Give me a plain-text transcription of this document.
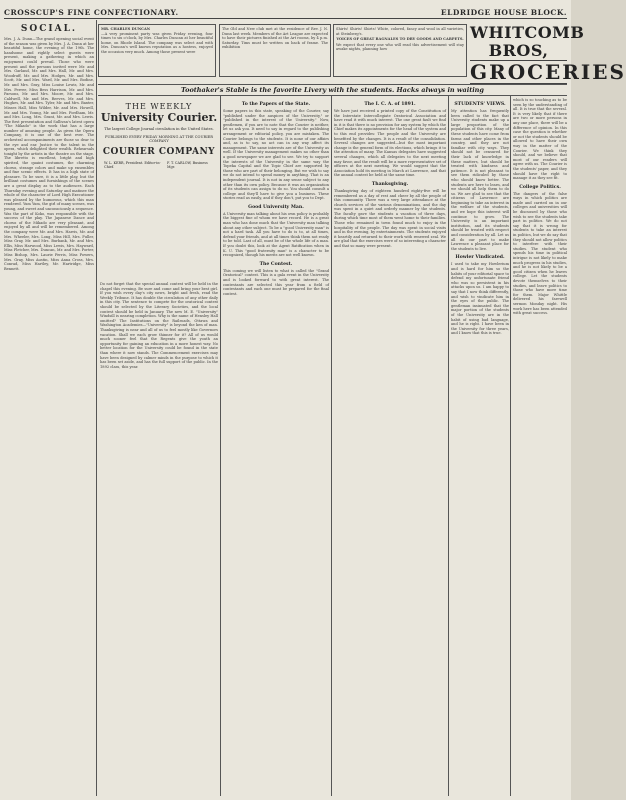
CROSSCUP'S FINE CONFECTIONARY.	ELDRIDGE HOUSE BLOCK.
SOCIAL.
Mrs. J. A. Dunn—The grand opening social event of the season was given by Mrs. J. A. Dunn at her beautiful home, the evening of the 19th. The handsome and rightly select guests were present, making a gathering in which an enjoyment could prevail. Those who were present and the persons invited were Mr. and Mrs. Garland, Mr. and Mrs. Hall, Mr. and Mrs. Woodruff, Mr. and Mrs. Hodges, Mr. and Mrs. Scott, Mr. and Mrs. Ward, Mr. and Mrs. Bodine, Mr. and Mrs. Gray, Miss Louise Lewis, Mr. and Mrs. Ferree, Miss Bess Harrison, Mr. and Mrs. Parsons, Mr. and Mrs. Moore, Mr. and Mrs. Caldwell, Mr. and Mrs. Reeves, Mr. and Mrs. Hughes, Mr. and Mrs. Tyler, Mr. and Mrs. Baxter, Misses Hall, Miss Wilder, Mr. and Mrs. Howell, Mr. and Mrs. Young, Mr. and Mrs. Fordham, Mr. and Mrs. Long, Mrs. Grant, Mr. and Mrs. Lewis. The first presentation and Sullivan's latest opera "The Mikado" is the work that has a large number of amusing people. As given the Opera Company, it is one of the best ever. The orchestral accompaniments are those so dear to the eye and ear. Justice to the talent in the opera, which delighted their wealth. Rehearsals tonight by the artists in the theatre on the stage. The libretto is excellent, bright and high spirited, the quaint costumes, the charming chorus, strange colors and make up ensembles and fine scenic effects. It has in a high state of pleasure. To be sure, it is a little play, but the brilliant costumes and furnishings of the scenes are a great display as to the audiences. Each Thursday evening and Saturday and matinee the whole of the character of Lord High Executioner was pleased by the humorous, which this man rendered. Yum Yum, the girl of many scenes, was young, and sweet and unconsciously a sequence. Was the part of Koko, was responsible with the success of the play. The Japanese Dance and chorus of the Mikado are very pleasant, and enjoyed by all and will be remembered. Among the company were Mr. and Mrs. Harris, Mr. and Mrs. Wheeler, Mrs. Long, Miss Hill, Mrs. Fuller, Miss Gray, Mr. and Mrs. Burbank, Mr. and Mrs. Ellis, Miss Harwood, Miss Lewis, Mrs. Hayward, Miss Fletcher, Mrs. Duncan, Mr. and Mrs. Porter, Miss Bishop, Mrs. Laurie Ferris, Miss Powers, Mrs. Gray, Miss Austin, Miss Anna Cross, Mrs. Conrad, Miss Hartley, Mr. Hartridge, Miss Bennett.
MR. CHARLES DUNCAN
—A very prominent party was given Friday evening, four times to six o'clock, by Mrs. Charles Duncan at her beautiful home, on Rhode Island. The company was select and with Mrs. Duncan's well known reputation as a hostess, enjoyed the occasion very much. Among those present were
The Old and New club met at the residence of Rev. J. N. Dunn last week. Members of the Art League are expected to have their pictures finished at the Art rooms, by 4 p.m. Saturday. Tims must be written on back of frame. The exhibition
Shirts! Shirts! Shirts! White, colored, fancy and wool in all varieties, at Steinberg's.
VOICES OF GREAT RAGNALES TO DRY GOODS AND CARPETS.
We expect that every one who will read this advertisement will stay awake nights, planning how
WHITCOMB BROS,
GROCERIES
Toothaker's Stable is the favorite Livery with the students. Hacks always in waiting
THE WEEKLY
University Courier.
The largest College Journal circulation in the United States.
PUBLISHED EVERY FRIDAY MORNING AT THE COURIER COMPANY
COURIER COMPANY
W. L. KERR, President. Editor-in-Chief.
F. T. CARLOW, Business Mgr.
Do not forget that the special annual contest will be held in the chapel this evening. Be sure and come and bring your best girl. If you wish every day's city news, bright and fresh, read the Weekly Tribune. It has double the circulation of any other daily in this city. The sentence to compete for the oratorical contest should be selected by the Literary Societies, and the local contest should be held in January. The new M. E. "University" Windsill is nearing completion. Why is the name of Hensley Hall omitted? The Institutions on the Railroads, Ottawa and Washington Academies—"University" is beyond the ken of man. Thanksgiving is near and all of us to feel mostly like Governors vacation. Shall we each grow thinner for it? All of us would much sooner feel that the Regents give the youth an opportunity for gaining an education in a more honest way. No better location for the University could be found in the state than where it now stands. The Commencement exercises may have been designed by calmer minds in the purpose to which it has been set aside, and has the full support of the public. In the 1892 class, this year.
To the Papers of the State.
Some papers in this state, speaking of the Courier, say "published under the auspices of the University," or "published in the interest of the University." Now, gentlemen, if you are to note that the Courier is neither, let us ask you. It need to say in regard to the publishing arrangement or editorial policy, you are mistaken. The Courier belongs to the students. It is none of our affairs and, as is to say, no act can in any way affect its management. The same interests are of the University as well. If the University management makes no other than a good newspaper we are glad to see. We try to support the interests of the University in the same way the Topeka Capital and the Topic Chief are supported by those who are part of their belonging. But we wish to say we do not intend to spend money in anything. That is an independent journal. It is not in any sense subject to any other than its own policy. Because it was an organization of its students can assign to do so. You should consult a college and they'll have to give you a business. These stories read as easily, and if they don't, put you to Dept.
Good University Man.
A University man talking about his own policy is probably the biggest fine of whom we have record. He is a great man who has done much that the University man talking about any other subject. To be a "good University man" is not a hard task. All you have to do is to, at all times, defend your friends, and at all times think them not ready to be told. Last of all, must be of the whole life of a man. If you doubt this, look at the Agent Ratification when in K. U. This "good fraternity man" is a character to be recognized, though his merits are not well known.
The Contest.
This coming we will listen to what is called the "Grand Oratorical" contest. This is a gala event in the University and is looked forward to with great interest. The contestants are selected this year from a field of contestants and each one must be prepared for the final contest.
The I. C. A. of 1891.
We have just received a printed copy of the Constitution of the Interstate Intercollegiate Oratorical Association and have read it with much interest. The one great fault we find in it is that there is no provision for any system by which the Chief makes its appointments for the head of the system and to this end provides: The people and the University are benefited by the changes. It is a result of the consolidation. Several changes are suggested—but the most important change is the general form of its elections, which brings it to the attention of many. The Kansas delegates have suggested several changes, which all delegates to the next meeting may favor, and the result will be a more representative set of officers at the next meeting. We would suggest that the Association hold its meeting in March at Lawrence, and that the annual contest be held at the same time.
Thanksgiving.
Thanksgiving day of eighteen hundred eighty-five will be remembered as a day of rest and cheer by all the people of this community. There was a very large attendance at the church services of the various denominations, and the day was spent in a quiet and orderly manner by the students. The faculty gave the students a vacation of three days, during which time most of them went home to their families. Those who remained in town found much to enjoy in the hospitality of the people. The day was spent in social visits and in the evening, by entertainments. The students enjoyed it heartily and returned to their work with renewed zeal. We are glad that the exercises were of so interesting a character and that so many were present.
STUDENTS' VIEWS.
My attention has frequently been called to the fact that University students make up a large proportion of the population of this city. Many of these students have come from farms and other places in the country, and they are not familiar with city ways. They should not be censured for their lack of knowledge in these matters, but should be treated with kindness and patience. It is not pleasant to see them ridiculed by those who should know better. The students are here to learn, and we should all help them to do so. We are glad to see that the citizens of Lawrence are beginning to take an interest in the welfare of the students, and we hope this interest will continue to grow. The University is an important institution, and its students should be treated with respect and consideration by all. Let us all do our part to make Lawrence a pleasant place for the students to live.
Howler Vindicated.
I used to take my Howlerium and is hard for him so the habits of your editorial space to defend my unfortunate friend who was so persistent in his attacks upon us. I am happy to say that I now think differently, and wish to vindicate him in the eyes of the public. The gentleman insinuated that the major portion of the students of the University are in the habit of using bad language, and he is right. I have been in the University for three years, and I know that this is true.
which is so touching as to be seen by the understanding of all. It is true that the several. It is very likely that if there are two or more persons in any one place, there will be a difference of opinion. In this case the question is whether or not the students should be allowed to have their own way in the matter of the Courier. We think they should, and we believe that most of our readers will agree with us. The Courier is the students' paper, and they should have the right to manage it as they see fit.
College Politics.
The dangers of the false ways in which politics are made and carried on in our colleges and universities will be discussed by those who wish to see the students take part in politics. We do not say that it is wrong for students to take an interest in politics, but we do say that they should not allow politics to interfere with their studies. The student who spends his time in political intrigue is not likely to make much progress in his studies, and he is not likely to be a good citizen when he leaves college. Let the students devote themselves to their studies, and leave politics to those who have more time for them. Major Whittle delivered his farewell sermon Monday night. His work here has been attended with great success.
